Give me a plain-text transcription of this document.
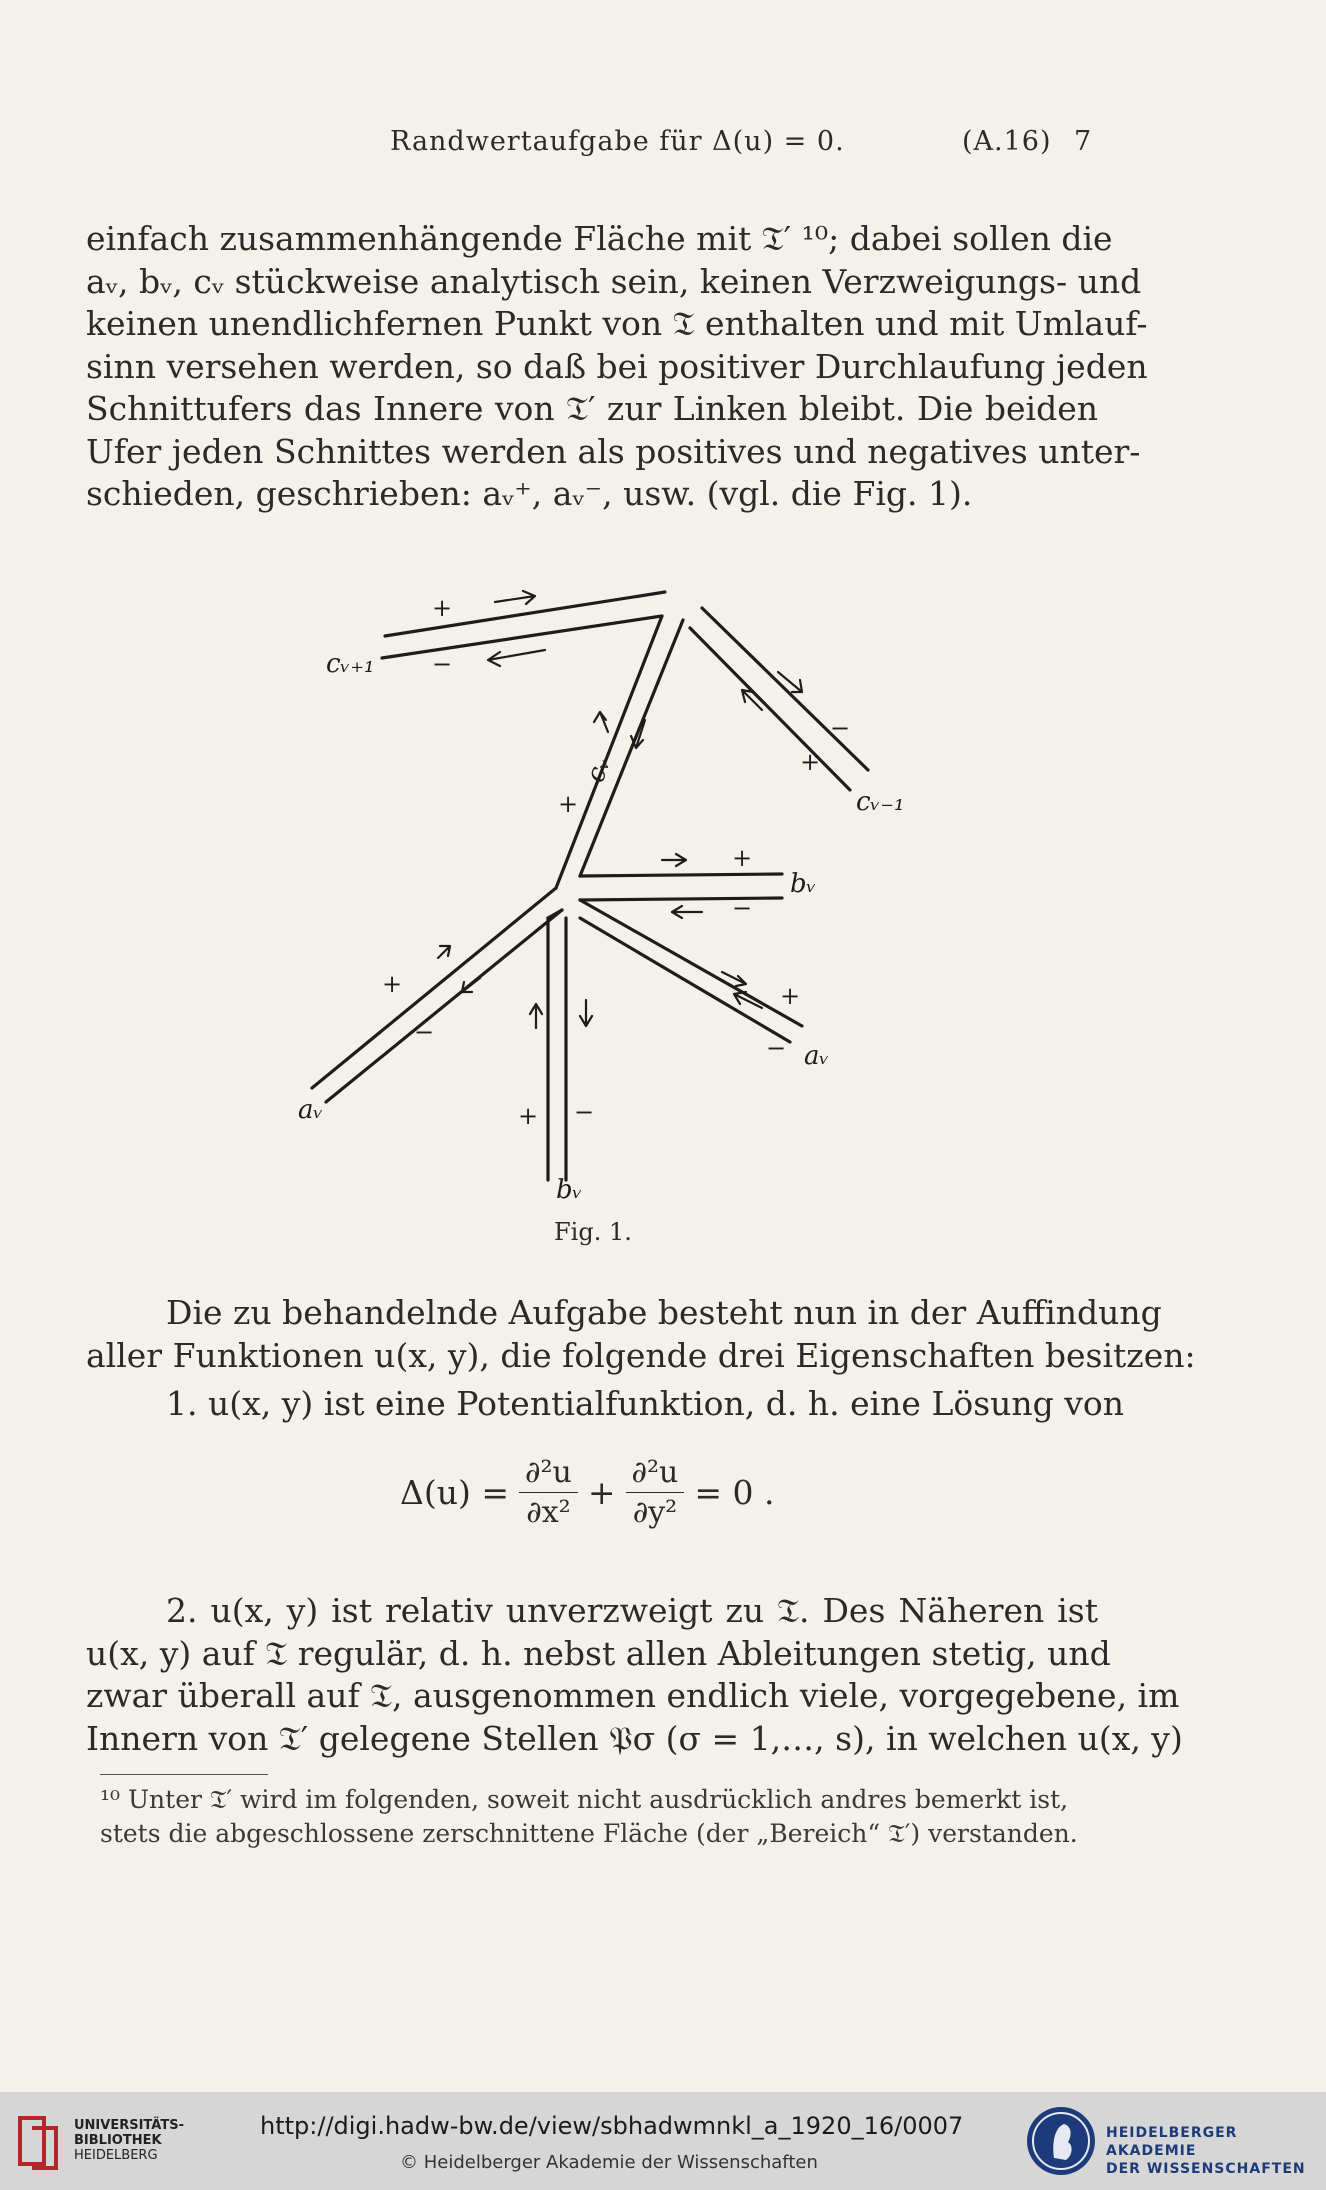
Randwertaufgabe für Δ(u) = 0.	(A.16) 7
einfach zusammenhängende Fläche mit 𝔗′ ¹⁰; dabei sollen die
aᵥ, bᵥ, cᵥ stückweise analytisch sein, keinen Verzweigungs- und
keinen unendlichfernen Punkt von 𝔗 enthalten und mit Umlauf-
sinn versehen werden, so daß bei positiver Durchlaufung jeden
Schnittufers das Innere von 𝔗′ zur Linken bleibt. Die beiden
Ufer jeden Schnittes werden als positives und negatives unter-
schieden, geschrieben: aᵥ⁺, aᵥ⁻, usw. (vgl. die Fig. 1).
+
−
−
+
+
+
−
+
−
+
−
+ −
cᵥ₊₁
cᵥ₋₁
cᵥ
bᵥ
aᵥ
aᵥ
bᵥ
Fig. 1.
Die zu behandelnde Aufgabe besteht nun in der Auffindung
aller Funktionen u(x, y), die folgende drei Eigenschaften besitzen:
1. u(x, y) ist eine Potentialfunktion, d. h. eine Lösung von
$\Delta(u) = \frac{\text{∂²u}}{\text{∂x²}} + \frac{\text{∂²u}}{\text{∂y²}} = 0$ .
2. u(x, y) ist relativ unverzweigt zu 𝔗. Des Näheren ist
u(x, y) auf 𝔗 regulär, d. h. nebst allen Ableitungen stetig, und
zwar überall auf 𝔗, ausgenommen endlich viele, vorgegebene, im
Innern von 𝔗′ gelegene Stellen 𝔓σ (σ = 1,…, s), in welchen u(x, y)
¹⁰ Unter 𝔗′ wird im folgenden, soweit nicht ausdrücklich andres bemerkt ist, stets die abgeschlossene zerschnittene Fläche (der „Bereich“ 𝔗′) verstanden.
UNIVERSITÄTS-
BIBLIOTHEK
HEIDELBERG
http://digi.hadw-bw.de/view/sbhadwmnkl_a_1920_16/0007
© Heidelberger Akademie der Wissenschaften
HEIDELBERGER AKADEMIE
DER WISSENSCHAFTEN
